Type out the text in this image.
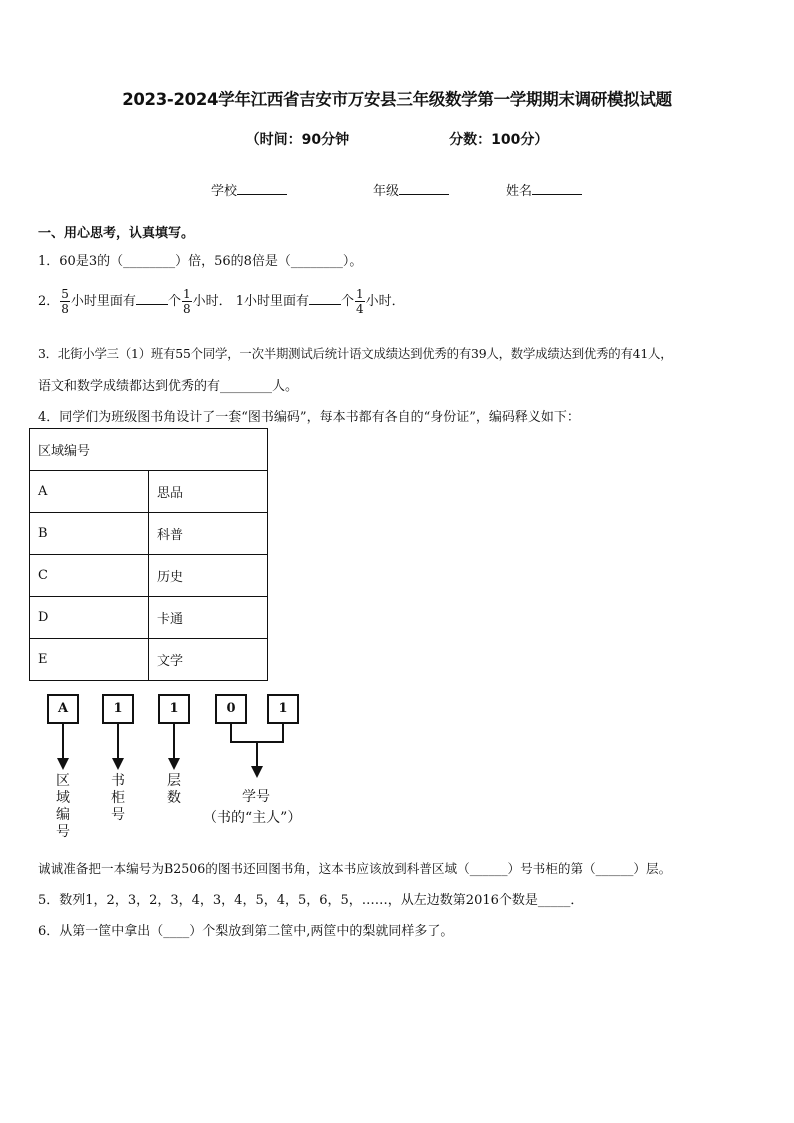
2023-2024学年江西省吉安市万安县三年级数学第一学期期末调研模拟试题
（时间：90分钟	分数：100分）
学校	年级	姓名
一、用心思考，认真填写。
1．60是3的（________）倍，56的8倍是（________）。
2． $\frac{5}{8}$ 小时里面有 个 $\frac{1}{8}$ 小时． 1小时里面有 个 $\frac{1}{4}$ 小时．
3．北街小学三（1）班有55个同学，一次半期测试后统计语文成绩达到优秀的有39人，数学成绩达到优秀的有41人，
语文和数学成绩都达到优秀的有________人。
4．同学们为班级图书角设计了一套“图书编码”，每本书都有各自的“身份证”，编码释义如下：
区域编号	
A	思品
B	科普
C	历史
D	卡通
E	文学
A	1	1	0	1
区
域
编
号
书
柜
号
层
数	学号
（书的“主人”）
诚诚准备把一本编号为B2506的图书还回图书角，这本书应该放到科普区域（______）号书柜的第（______）层。
5．数列1，2，3，2，3，4，3，4，5，4，5，6，5，……，从左边数第2016个数是_____．
6．从第一筐中拿出（____）个梨放到第二筐中,两筐中的梨就同样多了。
